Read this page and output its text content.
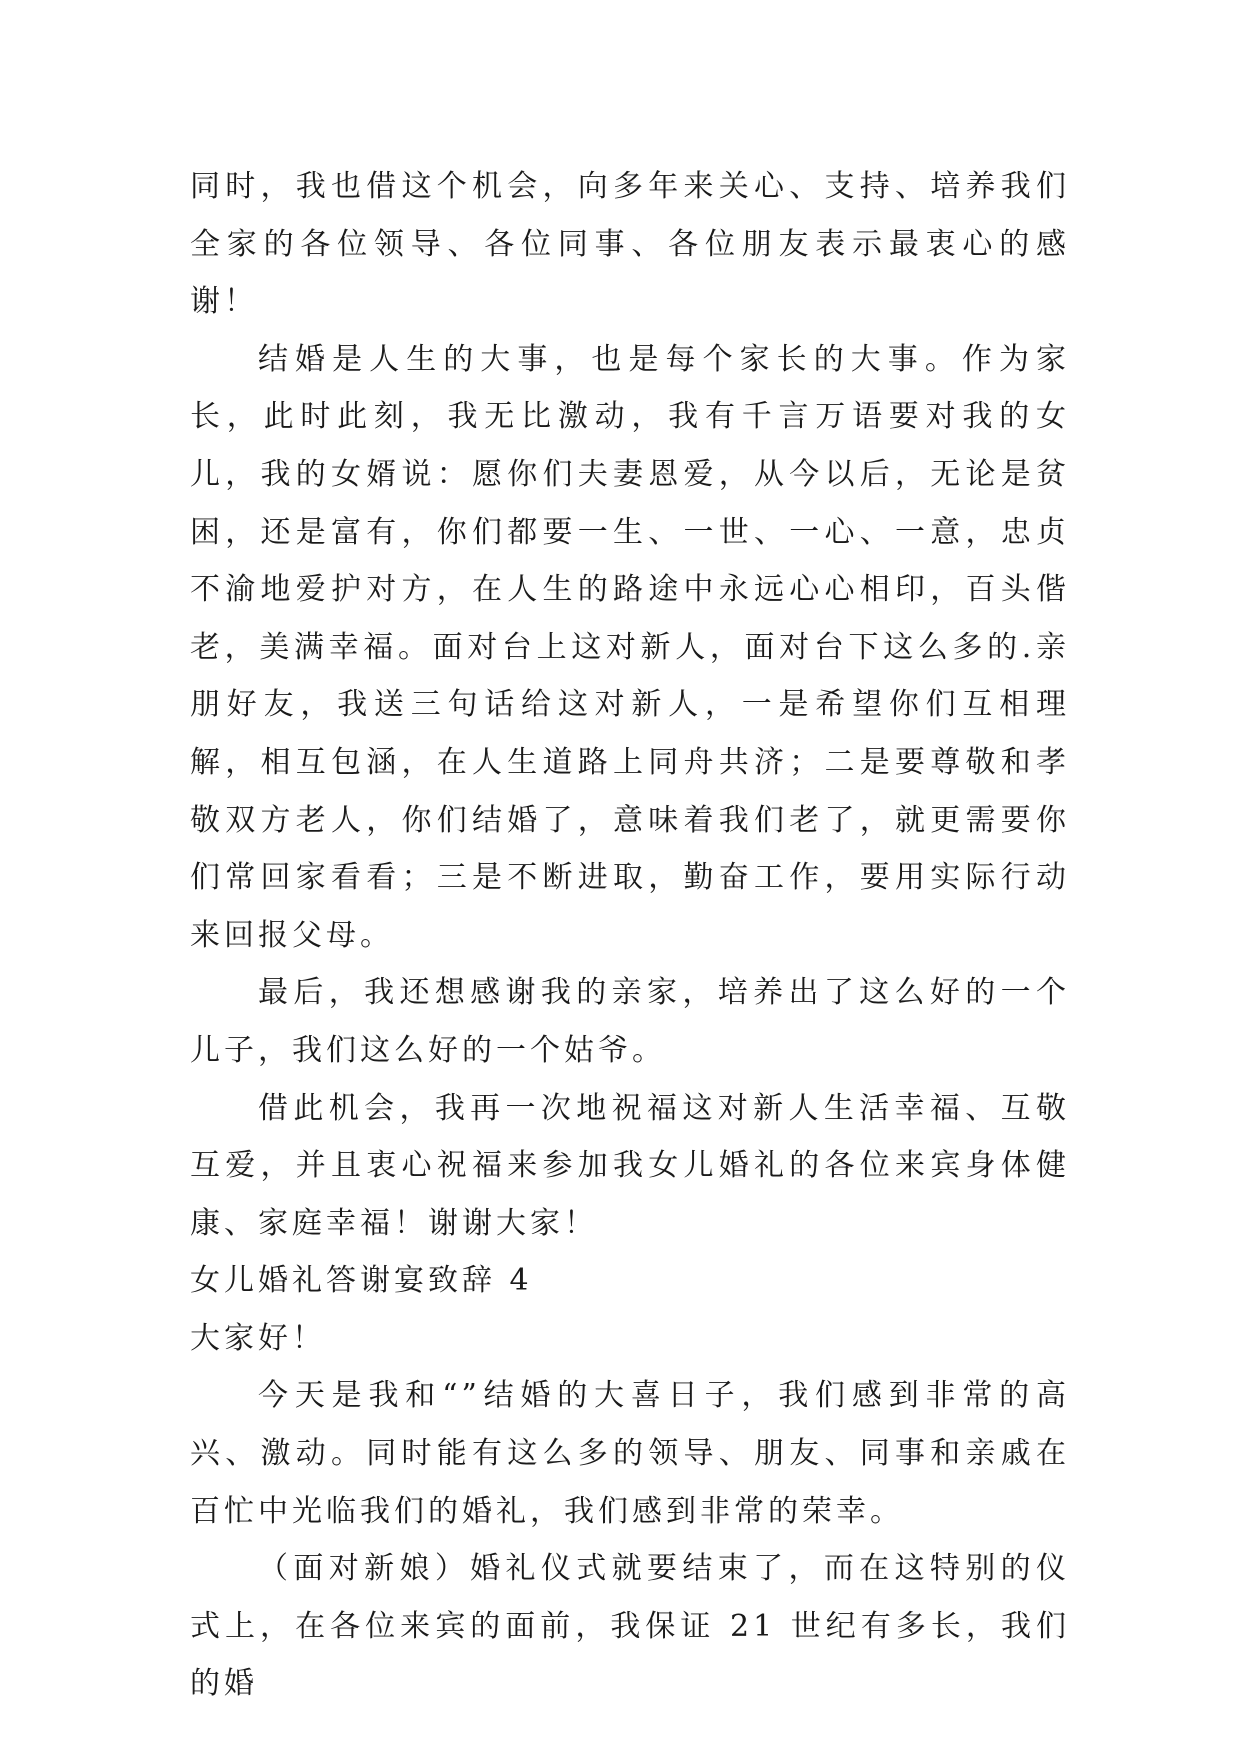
同时，我也借这个机会，向多年来关心、支持、培养我们全家的各位领导、各位同事、各位朋友表示最衷心的感谢！

结婚是人生的大事，也是每个家长的大事。作为家长，此时此刻，我无比激动，我有千言万语要对我的女儿，我的女婿说：愿你们夫妻恩爱，从今以后，无论是贫困，还是富有，你们都要一生、一世、一心、一意，忠贞不渝地爱护对方，在人生的路途中永远心心相印，百头偕老，美满幸福。面对台上这对新人，面对台下这么多的.亲朋好友，我送三句话给这对新人，一是希望你们互相理解，相互包涵，在人生道路上同舟共济；二是要尊敬和孝敬双方老人，你们结婚了，意味着我们老了，就更需要你们常回家看看；三是不断进取，勤奋工作，要用实际行动来回报父母。

最后，我还想感谢我的亲家，培养出了这么好的一个儿子，我们这么好的一个姑爷。

借此机会，我再一次地祝福这对新人生活幸福、互敬互爱，并且衷心祝福来参加我女儿婚礼的各位来宾身体健康、家庭幸福！谢谢大家！

女儿婚礼答谢宴致辞 4

大家好！

今天是我和“”结婚的大喜日子，我们感到非常的高兴、激动。同时能有这么多的领导、朋友、同事和亲戚在百忙中光临我们的婚礼，我们感到非常的荣幸。

（面对新娘）婚礼仪式就要结束了，而在这特别的仪式上，在各位来宾的面前，我保证 21 世纪有多长，我们的婚
